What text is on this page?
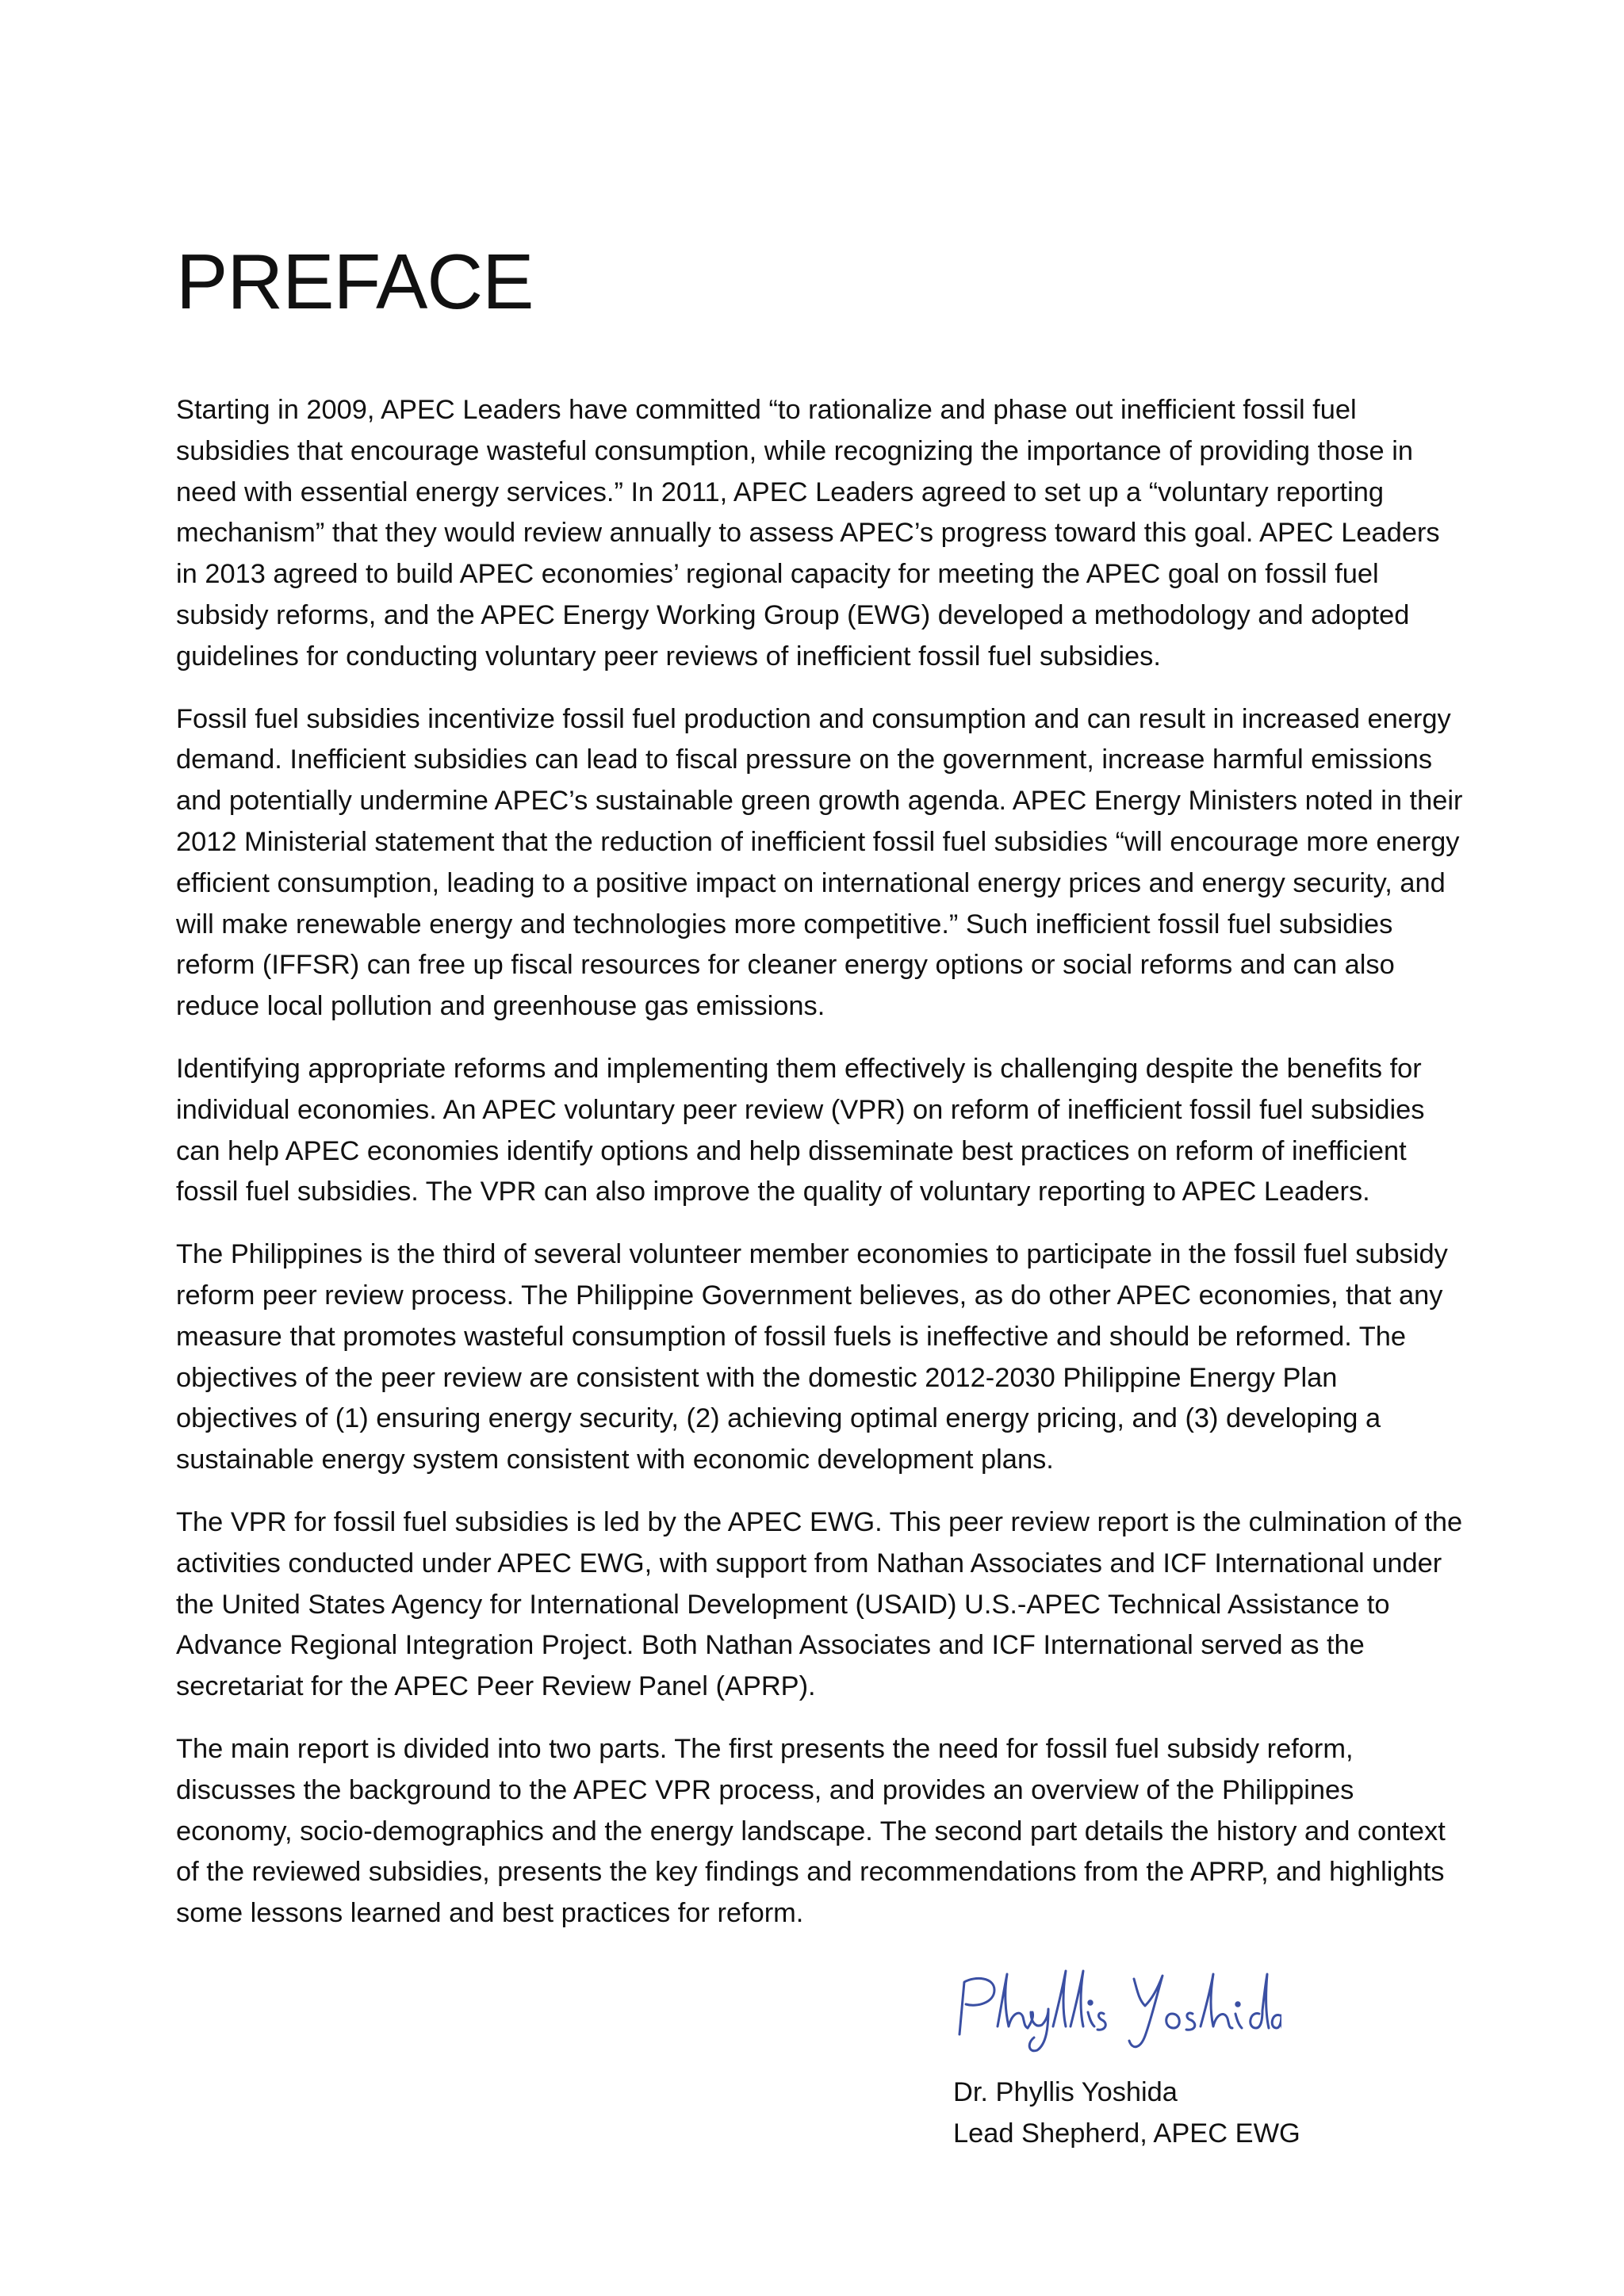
PREFACE

Starting in 2009, APEC Leaders have committed “to rationalize and phase out inefficient fossil fuel subsidies that encourage wasteful consumption, while recognizing the importance of providing those in need with essential energy services.” In 2011, APEC Leaders agreed to set up a “voluntary reporting mechanism” that they would review annually to assess APEC’s progress toward this goal. APEC Leaders in 2013 agreed to build APEC economies’ regional capacity for meeting the APEC goal on fossil fuel subsidy reforms, and the APEC Energy Working Group (EWG) developed a methodology and adopted guidelines for conducting voluntary peer reviews of inefficient fossil fuel subsidies.

Fossil fuel subsidies incentivize fossil fuel production and consumption and can result in increased energy demand. Inefficient subsidies can lead to fiscal pressure on the government, increase harmful emissions and potentially undermine APEC’s sustainable green growth agenda. APEC Energy Ministers noted in their 2012 Ministerial statement that the reduction of inefficient fossil fuel subsidies “will encourage more energy efficient consumption, leading to a positive impact on international energy prices and energy security, and will make renewable energy and technologies more competitive.” Such inefficient fossil fuel subsidies reform (IFFSR) can free up fiscal resources for cleaner energy options or social reforms and can also reduce local pollution and greenhouse gas emissions.

Identifying appropriate reforms and implementing them effectively is challenging despite the benefits for individual economies. An APEC voluntary peer review (VPR) on reform of inefficient fossil fuel subsidies can help APEC economies identify options and help disseminate best practices on reform of inefficient fossil fuel subsidies. The VPR can also improve the quality of voluntary reporting to APEC Leaders.

The Philippines is the third of several volunteer member economies to participate in the fossil fuel subsidy reform peer review process. The Philippine Government believes, as do other APEC economies, that any measure that promotes wasteful consumption of fossil fuels is ineffective and should be reformed. The objectives of the peer review are consistent with the domestic 2012-2030 Philippine Energy Plan objectives of (1) ensuring energy security, (2) achieving optimal energy pricing, and (3) developing a sustainable energy system consistent with economic development plans.

The VPR for fossil fuel subsidies is led by the APEC EWG. This peer review report is the culmination of the activities conducted under APEC EWG, with support from Nathan Associates and ICF International under the United States Agency for International Development (USAID) U.S.-APEC Technical Assistance to Advance Regional Integration Project. Both Nathan Associates and ICF International served as the secretariat for the APEC Peer Review Panel (APRP).

The main report is divided into two parts. The first presents the need for fossil fuel subsidy reform, discusses the background to the APEC VPR process, and provides an overview of the Philippines economy, socio-demographics and the energy landscape. The second part details the history and context of the reviewed subsidies, presents the key findings and recommendations from the APRP, and highlights some lessons learned and best practices for reform.

Dr. Phyllis Yoshida
Lead Shepherd, APEC EWG
